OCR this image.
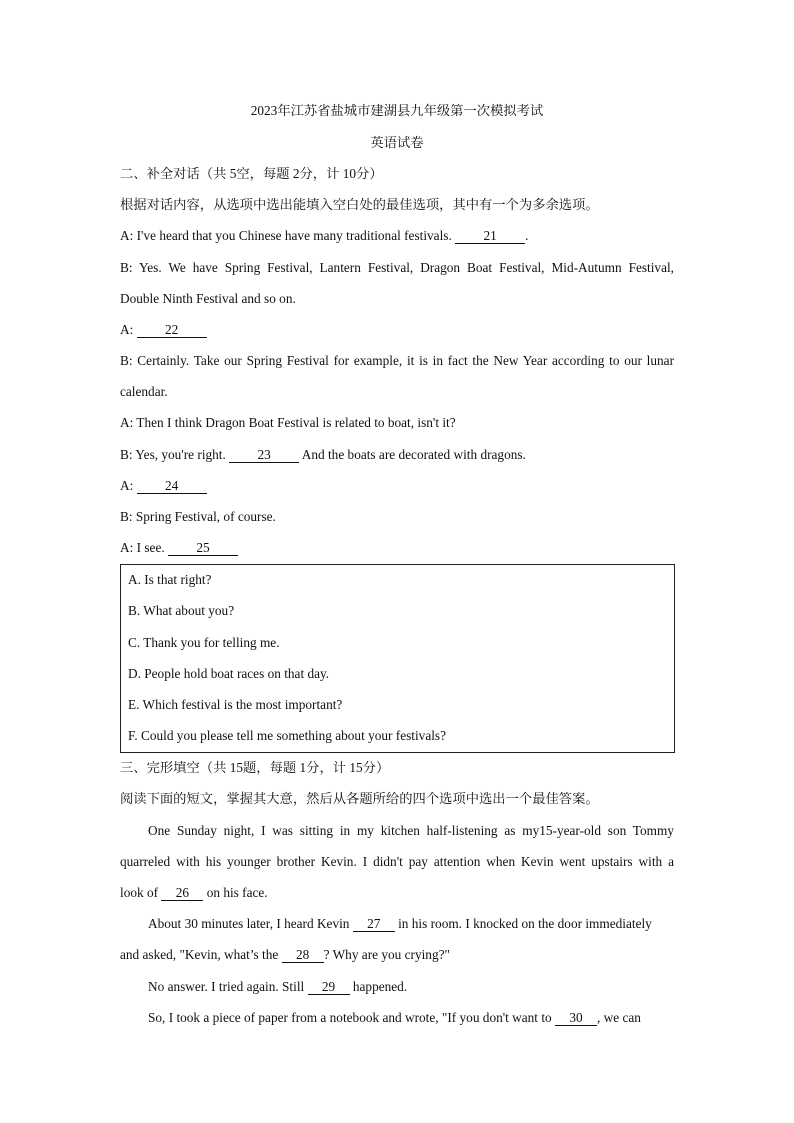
2023年江苏省盐城市建湖县九年级第一次模拟考试
英语试卷
二、补全对话（共 5空，每题 2分，计 10分）
根据对话内容，从选项中选出能填入空白处的最佳选项，其中有一个为多余选项。
A: I've heard that you Chinese have many traditional festivals. 21 .
B: Yes. We have Spring Festival, Lantern Festival, Dragon Boat Festival, Mid-Autumn Festival,
Double Ninth Festival and so on.
A: 22
B: Certainly. Take our Spring Festival for example, it is in fact the New Year according to our lunar
calendar.
A: Then I think Dragon Boat Festival is related to boat, isn't it?
B: Yes, you're right. 23 And the boats are decorated with dragons.
A: 24
B: Spring Festival, of course.
A: I see. 25
A. Is that right?
B. What about you?
C. Thank you for telling me.
D. People hold boat races on that day.
E. Which festival is the most important?
F. Could you please tell me something about your festivals?
三、完形填空（共 15题，每题 1分，计 15分）
阅读下面的短文，掌握其大意，然后从各题所给的四个选项中选出一个最佳答案。
One Sunday night, I was sitting in my kitchen half-listening as my15-year-old son Tommy
quarreled with his younger brother Kevin. I didn't pay attention when Kevin went upstairs with a
look of 26 on his face.
About 30 minutes later, I heard Kevin 27 in his room. I knocked on the door immediately
and asked, "Kevin, what’s the 28 ? Why are you crying?"
No answer. I tried again. Still 29 happened.
So, I took a piece of paper from a notebook and wrote, "If you don't want to 30 , we can
